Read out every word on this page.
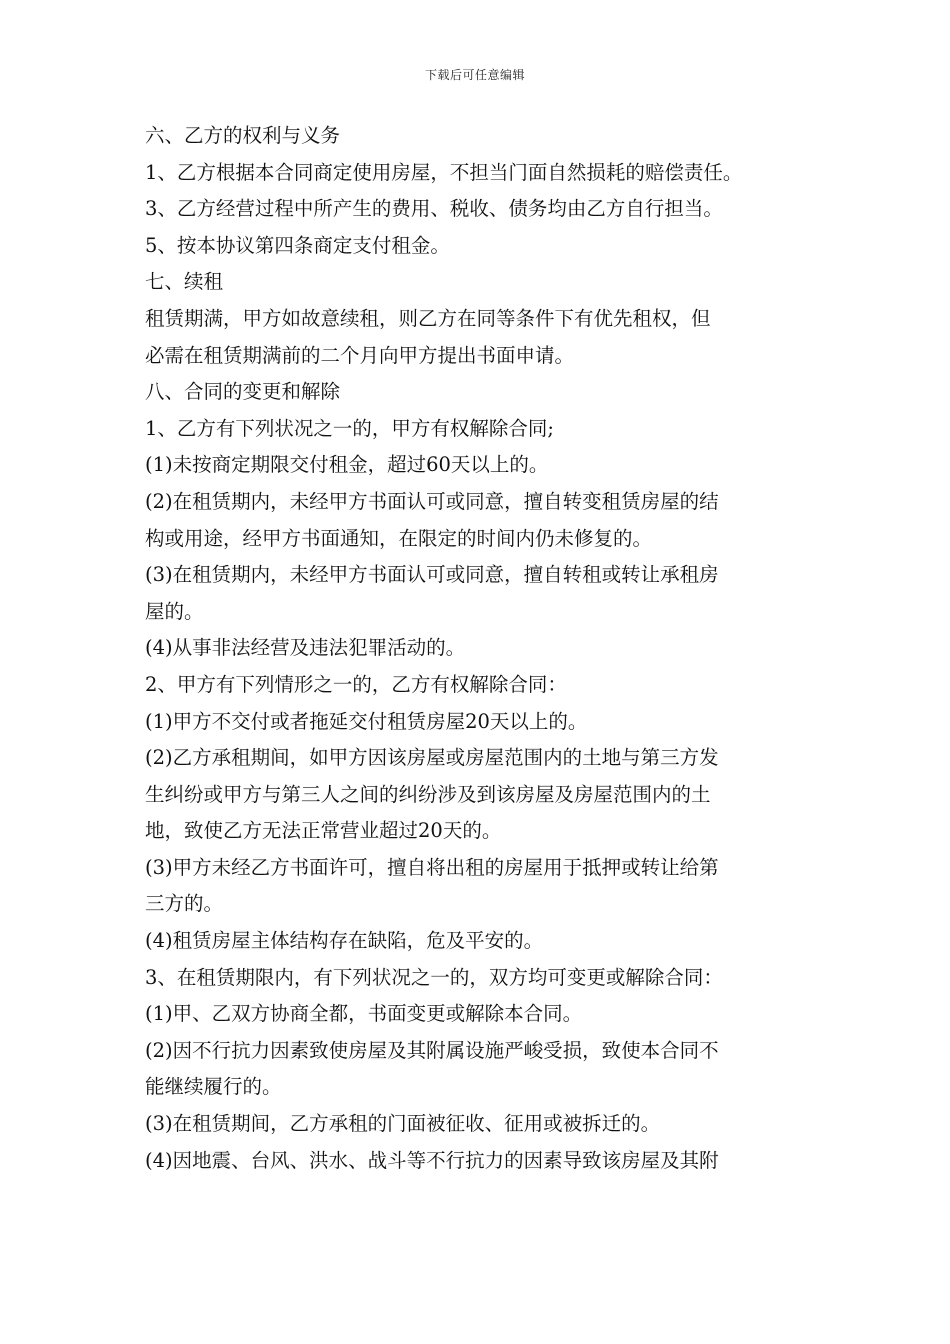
下载后可任意编辑
六、乙方的权利与义务
1、乙方根据本合同商定使用房屋，不担当门面自然损耗的赔偿责任。
3、乙方经营过程中所产生的费用、税收、债务均由乙方自行担当。
5、按本协议第四条商定支付租金。
七、续租
租赁期满，甲方如故意续租，则乙方在同等条件下有优先租权，但
必需在租赁期满前的二个月向甲方提出书面申请。
八、合同的变更和解除
1、乙方有下列状况之一的，甲方有权解除合同;
(1)未按商定期限交付租金，超过60天以上的。
(2)在租赁期内，未经甲方书面认可或同意，擅自转变租赁房屋的结
构或用途，经甲方书面通知，在限定的时间内仍未修复的。
(3)在租赁期内，未经甲方书面认可或同意，擅自转租或转让承租房
屋的。
(4)从事非法经营及违法犯罪活动的。
2、甲方有下列情形之一的，乙方有权解除合同：
(1)甲方不交付或者拖延交付租赁房屋20天以上的。
(2)乙方承租期间，如甲方因该房屋或房屋范围内的土地与第三方发
生纠纷或甲方与第三人之间的纠纷涉及到该房屋及房屋范围内的土
地，致使乙方无法正常营业超过20天的。
(3)甲方未经乙方书面许可，擅自将出租的房屋用于抵押或转让给第
三方的。
(4)租赁房屋主体结构存在缺陷，危及平安的。
3、在租赁期限内，有下列状况之一的，双方均可变更或解除合同：
(1)甲、乙双方协商全都，书面变更或解除本合同。
(2)因不行抗力因素致使房屋及其附属设施严峻受损，致使本合同不
能继续履行的。
(3)在租赁期间，乙方承租的门面被征收、征用或被拆迁的。
(4)因地震、台风、洪水、战斗等不行抗力的因素导致该房屋及其附
